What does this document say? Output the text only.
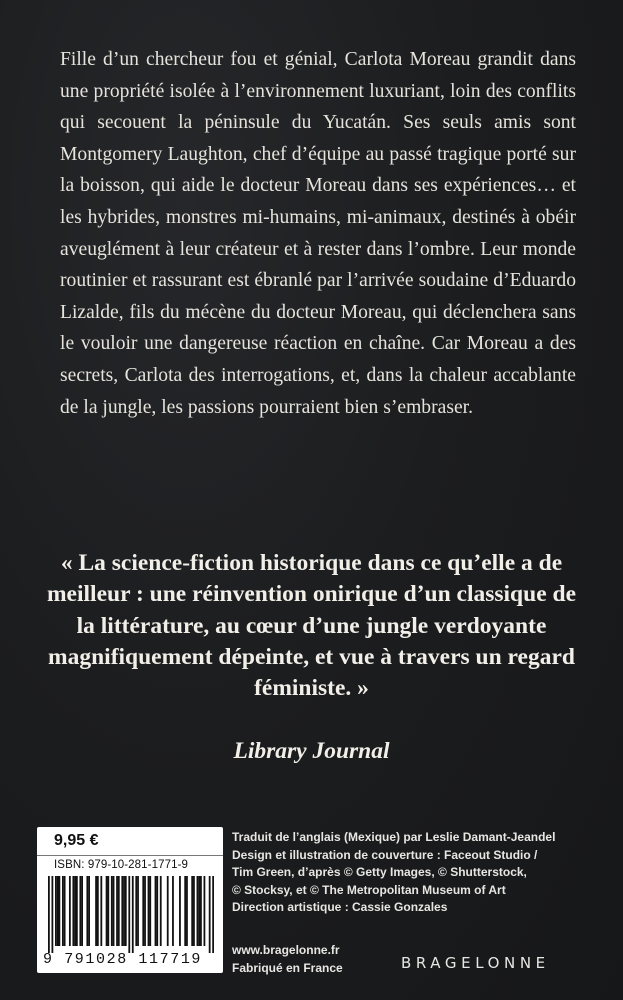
Fille d’un chercheur fou et génial, Carlota Moreau grandit dans une propriété isolée à l’environnement luxuriant, loin des conflits qui secouent la péninsule du Yucatán. Ses seuls amis sont Montgomery Laughton, chef d’équipe au passé tragique porté sur la boisson, qui aide le docteur Moreau dans ses expériences… et les hybrides, monstres mi-humains, mi-animaux, destinés à obéir aveuglément à leur créateur et à rester dans l’ombre. Leur monde routinier et rassurant est ébranlé par l’arrivée soudaine d’Eduardo Lizalde, fils du mécène du docteur Moreau, qui déclenchera sans le vouloir une dangereuse réaction en chaîne. Car Moreau a des secrets, Carlota des interrogations, et, dans la chaleur accablante de la jungle, les passions pourraient bien s’embraser.

« La science-fiction historique dans ce qu’elle a de meilleur : une réinvention onirique d’un classique de la littérature, au cœur d’une jungle verdoyante magnifiquement dépeinte, et vue à travers un regard féministe. »

Library Journal
9,95 €
ISBN: 979-10-281-1771-9
9 791028 117719
Traduit de l’anglais (Mexique) par Leslie Damant-Jeandel
Design et illustration de couverture : Faceout Studio /
Tim Green, d’après © Getty Images, © Shutterstock,
© Stocksy, et © The Metropolitan Museum of Art
Direction artistique : Cassie Gonzales
www.bragelonne.fr
Fabriqué en France	BRAGELONNE
